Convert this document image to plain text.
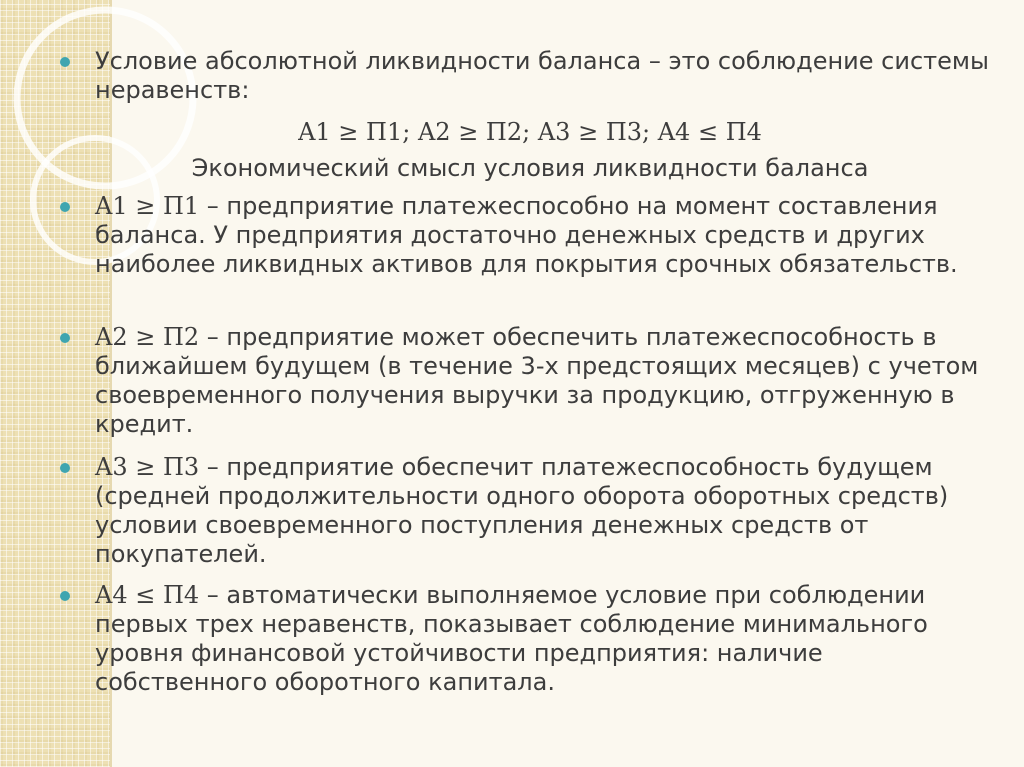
Условие абсолютной ликвидности баланса – это соблюдение системы неравенств:

A1 ≥ П1; A2 ≥ П2; A3 ≥ П3; A4 ≤ П4

Экономический смысл условия ликвидности баланса

A1 ≥ П1 – предприятие платежеспособно на момент составления баланса. У предприятия достаточно денежных средств и других наиболее ликвидных активов для покрытия срочных обязательств.

A2 ≥ П2 – предприятие может обеспечить платежеспособность в ближайшем будущем (в течение 3-х предстоящих месяцев) с учетом своевременного получения выручки за продукцию, отгруженную в кредит.

A3 ≥ П3 – предприятие обеспечит платежеспособность будущем (средней продолжительности одного оборота оборотных средств) условии своевременного поступления денежных средств от покупателей.

A4 ≤ П4 – автоматически выполняемое условие при соблюдении первых трех неравенств, показывает соблюдение минимального уровня финансовой устойчивости предприятия: наличие собственного оборотного капитала.
